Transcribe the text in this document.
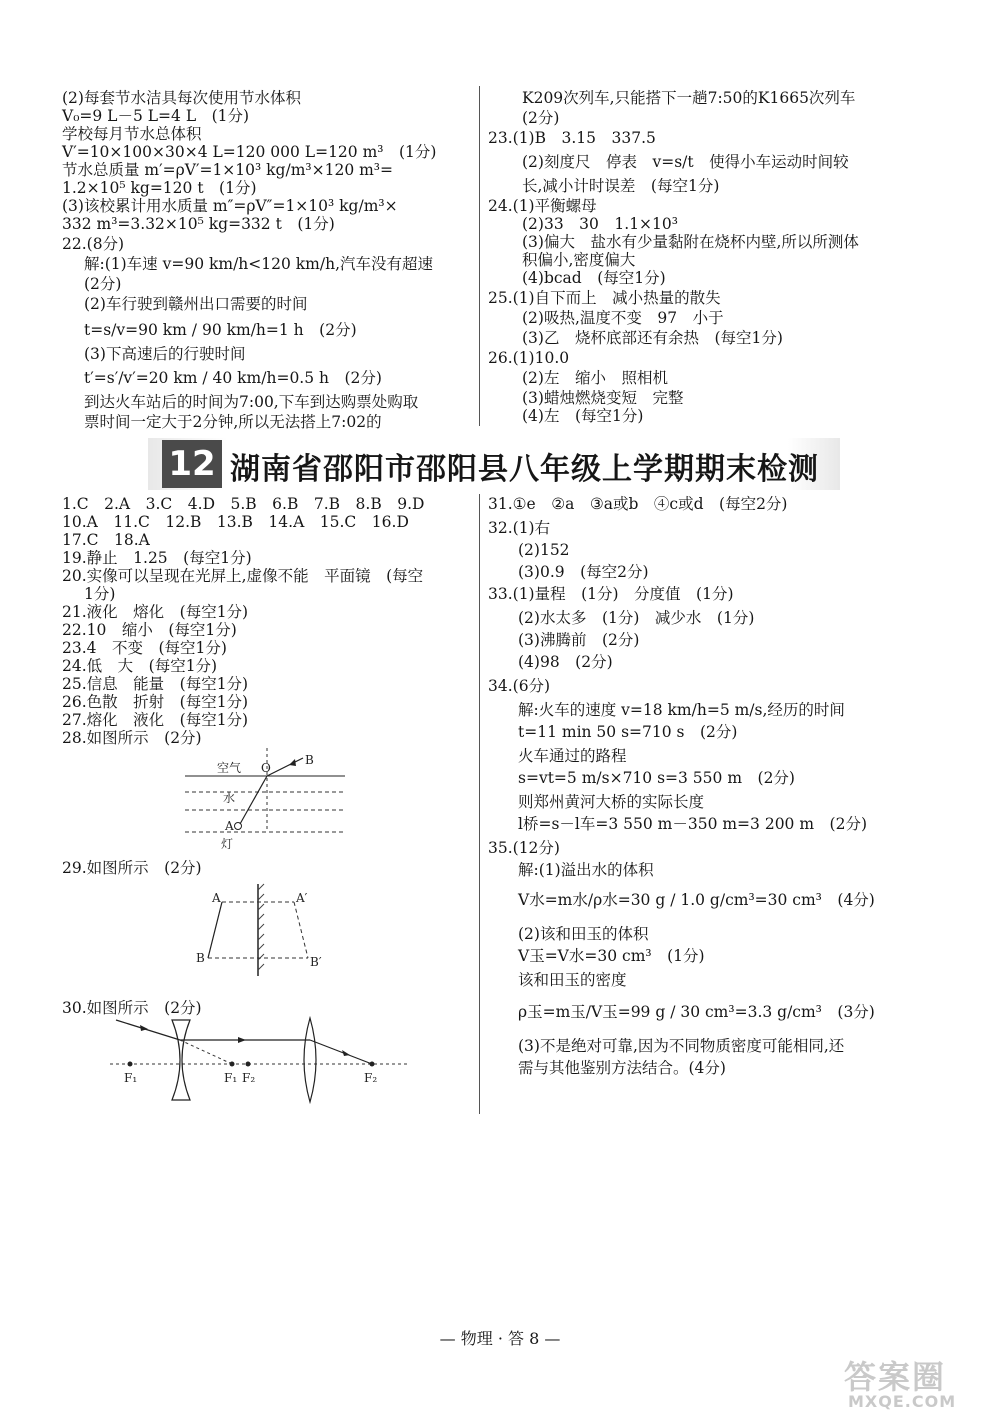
(2)每套节水洁具每次使用节水体积
V₀=9 L－5 L=4 L　(1分)
学校每月节水总体积
V′=10×100×30×4 L=120 000 L=120 m³　(1分)
节水总质量 m′=ρV′=1×10³ kg/m³×120 m³=
1.2×10⁵ kg=120 t　(1分)
(3)该校累计用水质量 m″=ρV″=1×10³ kg/m³×
332 m³=3.32×10⁵ kg=332 t　(1分)
22.(8分)
解:(1)车速 v=90 km/h<120 km/h,汽车没有超速
(2分)
(2)车行驶到赣州出口需要的时间
t=s/v=90 km / 90 km/h=1 h　(2分)
(3)下高速后的行驶时间
t′=s′/v′=20 km / 40 km/h=0.5 h　(2分)
到达火车站后的时间为7:00,下车到达购票处购取
票时间一定大于2分钟,所以无法搭上7:02的
K209次列车,只能搭下一趟7:50的K1665次列车
(2分)
23.(1)B　3.15　337.5
(2)刻度尺　停表　v=s/t　使得小车运动时间较
长,减小计时误差　(每空1分)
24.(1)平衡螺母
(2)33　30　1.1×10³
(3)偏大　盐水有少量黏附在烧杯内壁,所以所测体
积偏小,密度偏大
(4)bcad　(每空1分)
25.(1)自下而上　减小热量的散失
(2)吸热,温度不变　97　小于
(3)乙　烧杯底部还有余热　(每空1分)
26.(1)10.0
(2)左　缩小　照相机
(3)蜡烛燃烧变短　完整
(4)左　(每空1分)
12 湖南省邵阳市邵阳县八年级上学期期末检测
1.C　2.A　3.C　4.D　5.B　6.B　7.B　8.B　9.D
10.A　11.C　12.B　13.B　14.A　15.C　16.D
17.C　18.A
19.静止　1.25　(每空1分)
20.实像可以呈现在光屏上,虚像不能　平面镜　(每空
1分)
21.液化　熔化　(每空1分)
22.10　缩小　(每空1分)
23.4　不变　(每空1分)
24.低　大　(每空1分)
25.信息　能量　(每空1分)
26.色散　折射　(每空1分)
27.熔化　液化　(每空1分)
28.如图所示　(2分)
29.如图所示　(2分)
30.如图所示　(2分)
空气 O
B
水
A
灯
A	A′
B	B′
F₁	F₁ F₂	F₂
31.①e　②a　③a或b　④c或d　(每空2分)
32.(1)右
(2)152
(3)0.9　(每空2分)
33.(1)量程　(1分)　分度值　(1分)
(2)水太多　(1分)　减少水　(1分)
(3)沸腾前　(2分)
(4)98　(2分)
34.(6分)
解:火车的速度 v=18 km/h=5 m/s,经历的时间
t=11 min 50 s=710 s　(2分)
火车通过的路程
s=vt=5 m/s×710 s=3 550 m　(2分)
则郑州黄河大桥的实际长度
l桥=s－l车=3 550 m－350 m=3 200 m　(2分)
35.(12分)
解:(1)溢出水的体积
V水=m水/ρ水=30 g / 1.0 g/cm³=30 cm³　(4分)
(2)该和田玉的体积
V玉=V水=30 cm³　(1分)
该和田玉的密度
ρ玉=m玉/V玉=99 g / 30 cm³=3.3 g/cm³　(3分)
(3)不是绝对可靠,因为不同物质密度可能相同,还
需与其他鉴别方法结合。(4分)
— 物理 · 答 8 —
答案圈
MXQE.COM
